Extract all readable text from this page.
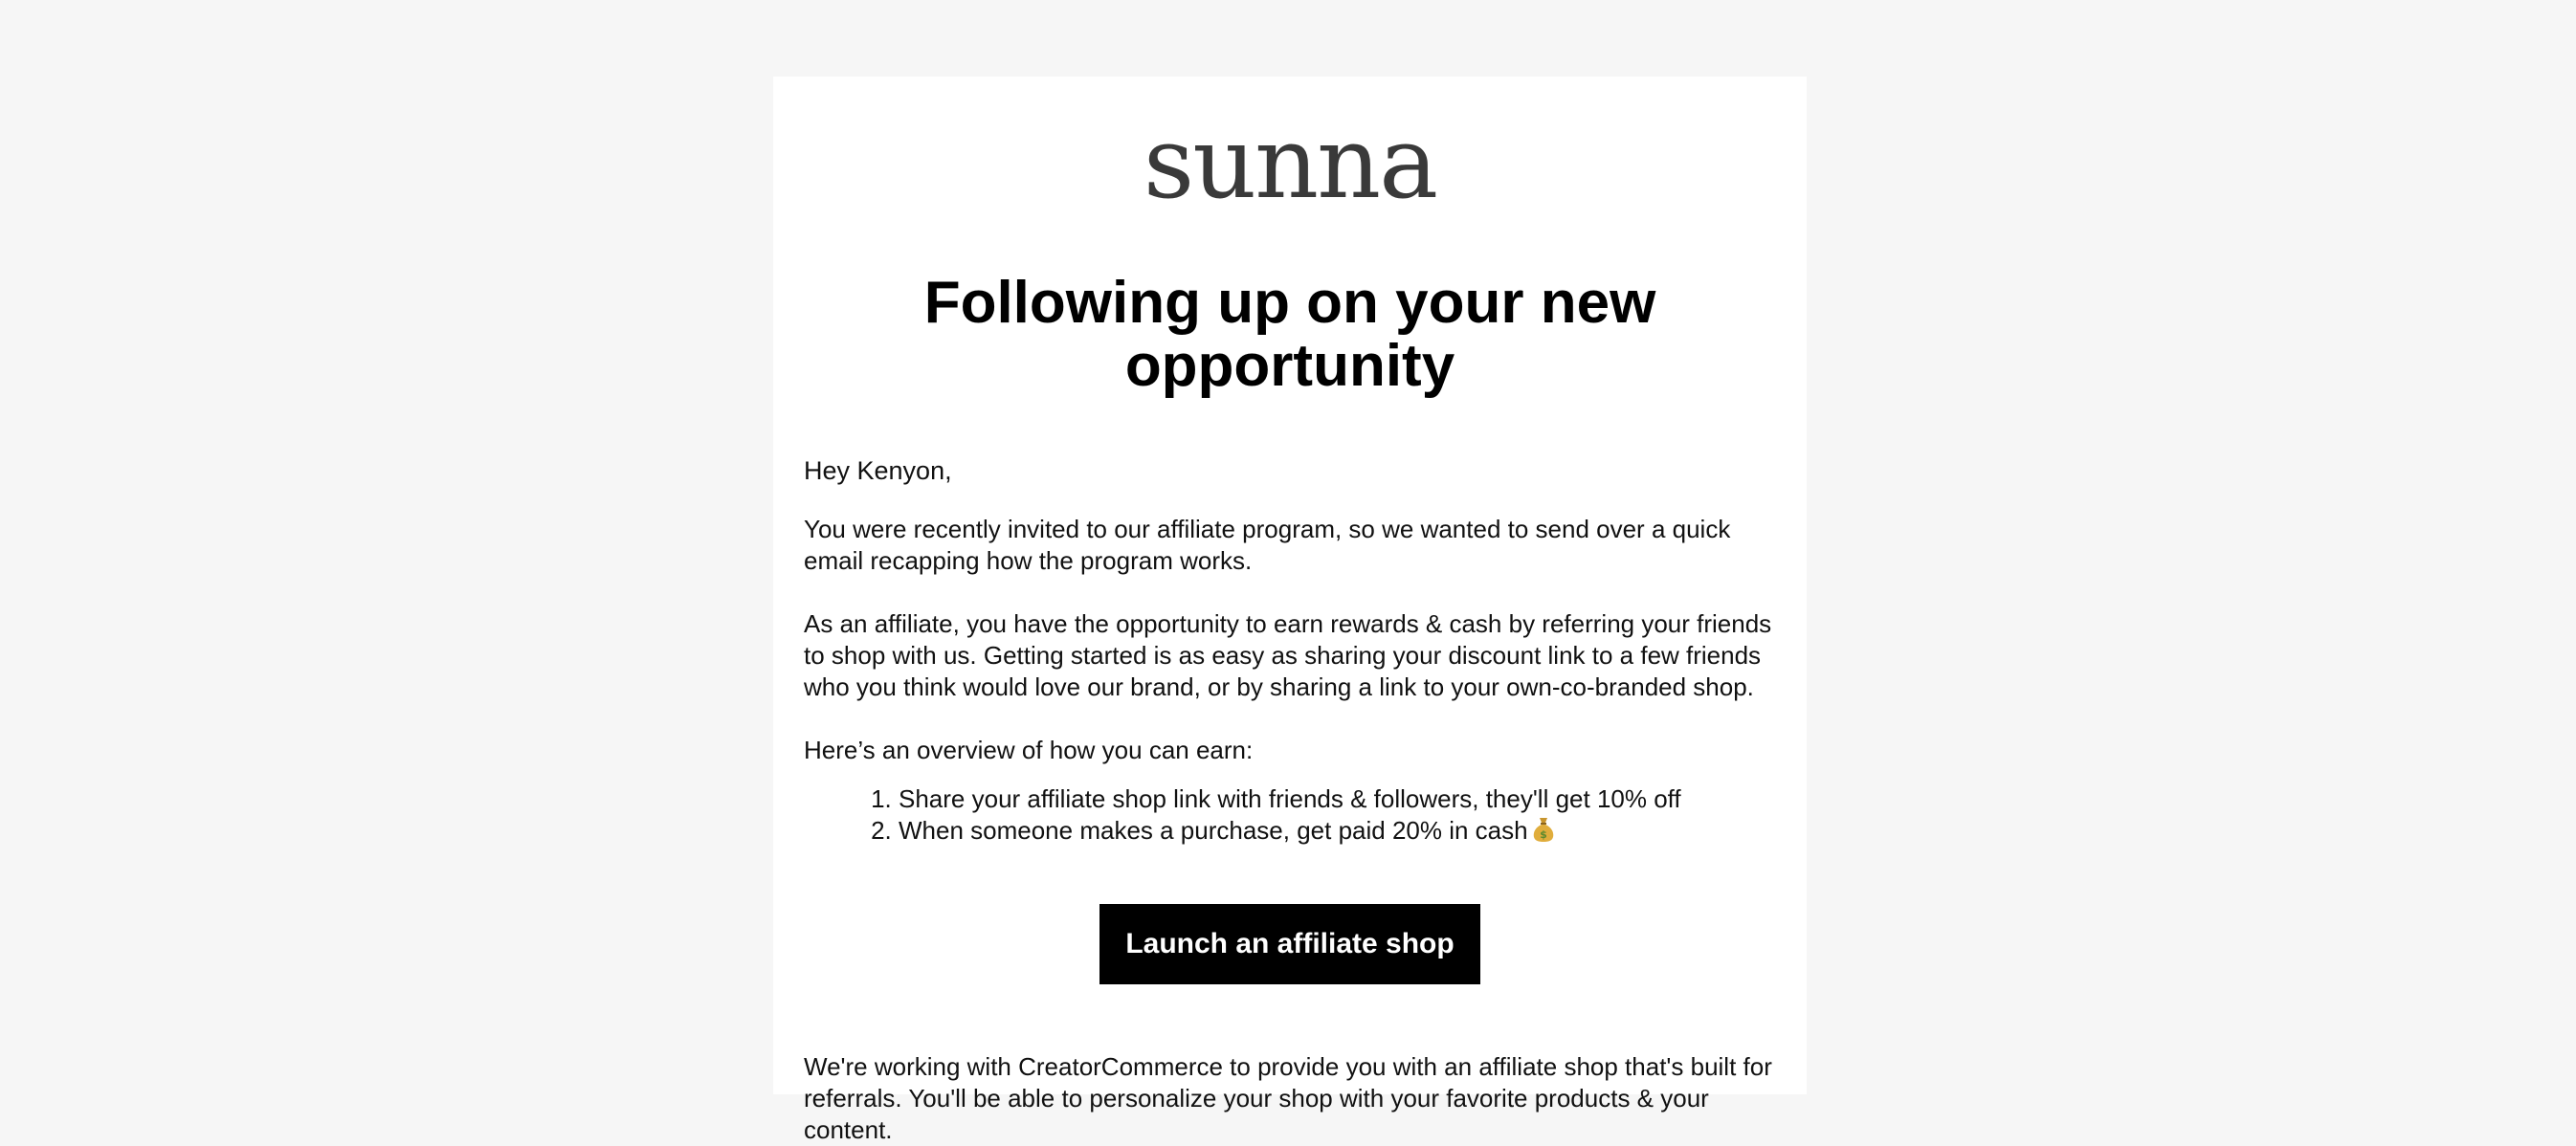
sunna
Following up on your new opportunity

Hey Kenyon,

You were recently invited to our affiliate program, so we wanted to send over a quick email recapping how the program works.

As an affiliate, you have the opportunity to earn rewards & cash by referring your friends to shop with us. Getting started is as easy as sharing your discount link to a few friends who you think would love our brand, or by sharing a link to your own-co-branded shop.

Here’s an overview of how you can earn:

1. Share your affiliate shop link with friends & followers, they'll get 10% off
2. When someone makes a purchase, get paid 20% in cash $
Launch an affiliate shop

We're working with CreatorCommerce to provide you with an affiliate shop that's built for referrals. You'll be able to personalize your shop with your favorite products & your content.
